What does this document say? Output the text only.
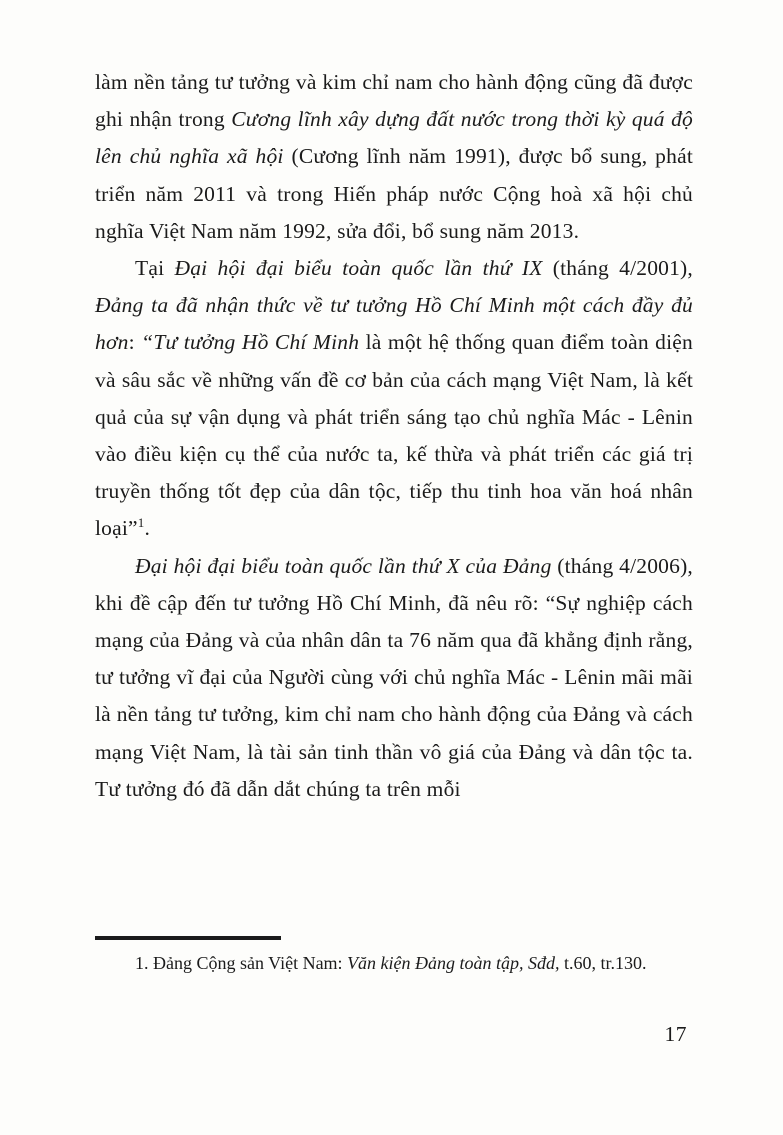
làm nền tảng tư tưởng và kim chỉ nam cho hành động cũng đã được ghi nhận trong Cương lĩnh xây dựng đất nước trong thời kỳ quá độ lên chủ nghĩa xã hội (Cương lĩnh năm 1991), được bổ sung, phát triển năm 2011 và trong Hiến pháp nước Cộng hoà xã hội chủ nghĩa Việt Nam năm 1992, sửa đổi, bổ sung năm 2013.

Tại Đại hội đại biểu toàn quốc lần thứ IX (tháng 4/2001), Đảng ta đã nhận thức về tư tưởng Hồ Chí Minh một cách đầy đủ hơn: “Tư tưởng Hồ Chí Minh là một hệ thống quan điểm toàn diện và sâu sắc về những vấn đề cơ bản của cách mạng Việt Nam, là kết quả của sự vận dụng và phát triển sáng tạo chủ nghĩa Mác - Lênin vào điều kiện cụ thể của nước ta, kế thừa và phát triển các giá trị truyền thống tốt đẹp của dân tộc, tiếp thu tinh hoa văn hoá nhân loại”$^1$.

Đại hội đại biểu toàn quốc lần thứ X của Đảng (tháng 4/2006), khi đề cập đến tư tưởng Hồ Chí Minh, đã nêu rõ: “Sự nghiệp cách mạng của Đảng và của nhân dân ta 76 năm qua đã khẳng định rằng, tư tưởng vĩ đại của Người cùng với chủ nghĩa Mác - Lênin mãi mãi là nền tảng tư tưởng, kim chỉ nam cho hành động của Đảng và cách mạng Việt Nam, là tài sản tinh thần vô giá của Đảng và dân tộc ta. Tư tưởng đó đã dẫn dắt chúng ta trên mỗi

1. Đảng Cộng sản Việt Nam: Văn kiện Đảng toàn tập, Sđd, t.60, tr.130.

17
